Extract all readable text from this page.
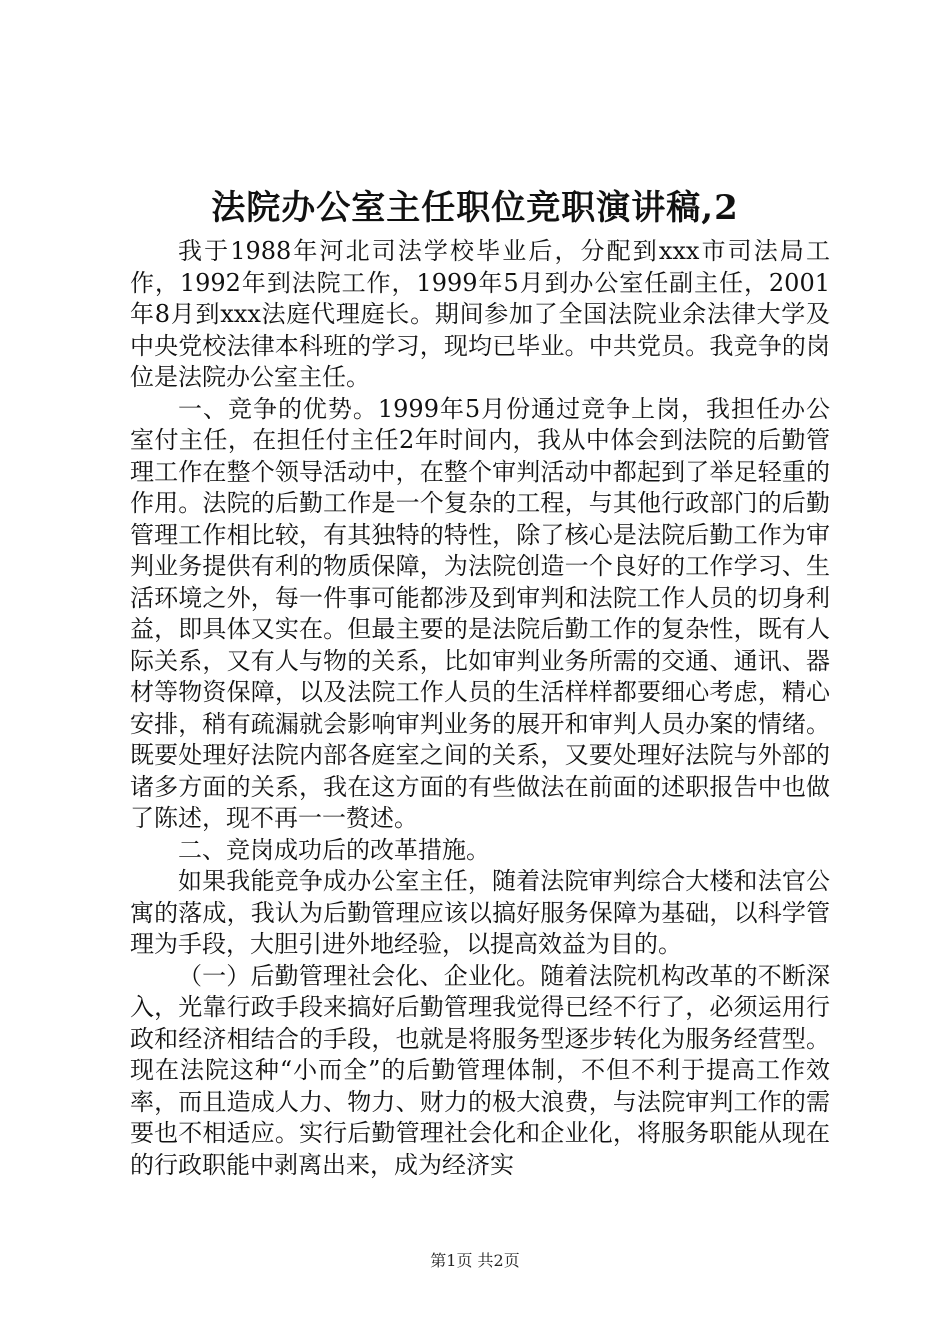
法院办公室主任职位竞职演讲稿,2

我于1988年河北司法学校毕业后，分配到xxx市司法局工作，1992年到法院工作，1999年5月到办公室任副主任，2001年8月到xxx法庭代理庭长。期间参加了全国法院业余法律大学及中央党校法律本科班的学习，现均已毕业。中共党员。我竞争的岗位是法院办公室主任。

一、竞争的优势。1999年5月份通过竞争上岗，我担任办公室付主任，在担任付主任2年时间内，我从中体会到法院的后勤管理工作在整个领导活动中，在整个审判活动中都起到了举足轻重的作用。法院的后勤工作是一个复杂的工程，与其他行政部门的后勤管理工作相比较，有其独特的特性，除了核心是法院后勤工作为审判业务提供有利的物质保障，为法院创造一个良好的工作学习、生活环境之外，每一件事可能都涉及到审判和法院工作人员的切身利益，即具体又实在。但最主要的是法院后勤工作的复杂性，既有人际关系，又有人与物的关系，比如审判业务所需的交通、通讯、器材等物资保障，以及法院工作人员的生活样样都要细心考虑，精心安排，稍有疏漏就会影响审判业务的展开和审判人员办案的情绪。既要处理好法院内部各庭室之间的关系，又要处理好法院与外部的诸多方面的关系，我在这方面的有些做法在前面的述职报告中也做了陈述，现不再一一赘述。

二、竞岗成功后的改革措施。

如果我能竞争成办公室主任，随着法院审判综合大楼和法官公寓的落成，我认为后勤管理应该以搞好服务保障为基础，以科学管理为手段，大胆引进外地经验，以提高效益为目的。

（一）后勤管理社会化、企业化。随着法院机构改革的不断深入，光靠行政手段来搞好后勤管理我觉得已经不行了，必须运用行政和经济相结合的手段，也就是将服务型逐步转化为服务经营型。现在法院这种“小而全”的后勤管理体制，不但不利于提高工作效率，而且造成人力、物力、财力的极大浪费，与法院审判工作的需要也不相适应。实行后勤管理社会化和企业化，将服务职能从现在的行政职能中剥离出来，成为经济实

第1页 共2页
